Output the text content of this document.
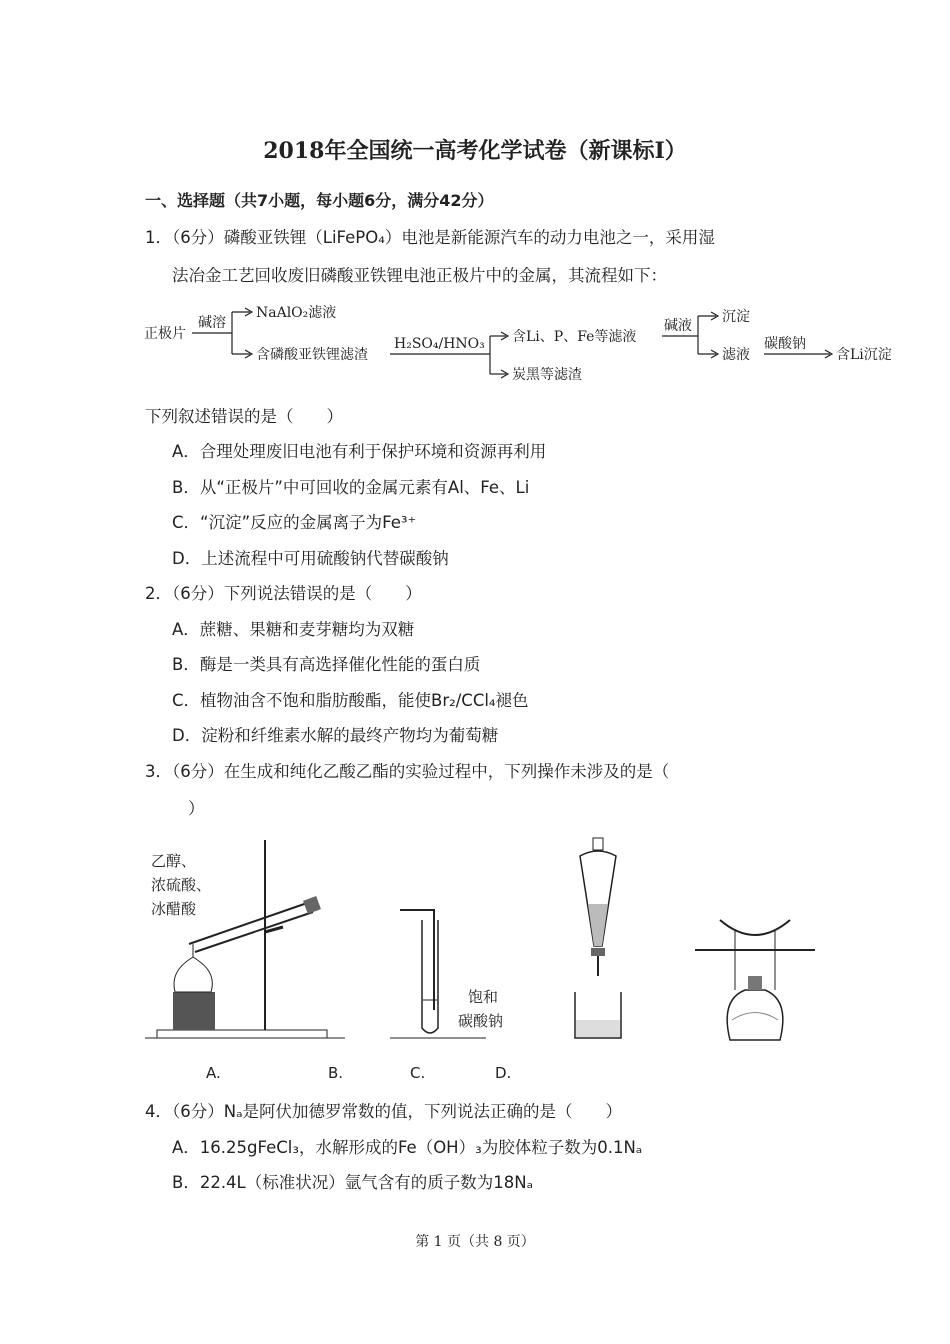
2018年全国统一高考化学试卷（新课标Ⅰ）
一、选择题（共7小题，每小题6分，满分42分）
1．（6分）磷酸亚铁锂（LiFePO₄）电池是新能源汽车的动力电池之一，采用湿
法冶金工艺回收废旧磷酸亚铁锂电池正极片中的金属，其流程如下：
正极片
碱溶
NaAlO₂滤液
含磷酸亚铁锂滤渣
H₂SO₄/HNO₃ 含Li、P、Fe等滤液
炭黑等滤渣
碱液
沉淀
滤液
碳酸钠
含Li沉淀
下列叙述错误的是（　　）
A．合理处理废旧电池有利于保护环境和资源再利用
B．从“正极片”中可回收的金属元素有Al、Fe、Li
C．“沉淀”反应的金属离子为Fe³⁺
D．上述流程中可用硫酸钠代替碳酸钠
2．（6分）下列说法错误的是（　　）
A．蔗糖、果糖和麦芽糖均为双糖
B．酶是一类具有高选择催化性能的蛋白质
C．植物油含不饱和脂肪酸酯，能使Br₂/CCl₄褪色
D．淀粉和纤维素水解的最终产物均为葡萄糖
3．（6分）在生成和纯化乙酸乙酯的实验过程中，下列操作未涉及的是（
）
乙醇、
浓硫酸、
冰醋酸
饱和
碳酸钠
A.	B.	C.	D.
4．（6分）Nₐ是阿伏加德罗常数的值，下列说法正确的是（　　）
A．16.25gFeCl₃，水解形成的Fe（OH）₃为胶体粒子数为0.1Nₐ
B．22.4L（标准状况）氩气含有的质子数为18Nₐ
第 1 页（共 8 页）
